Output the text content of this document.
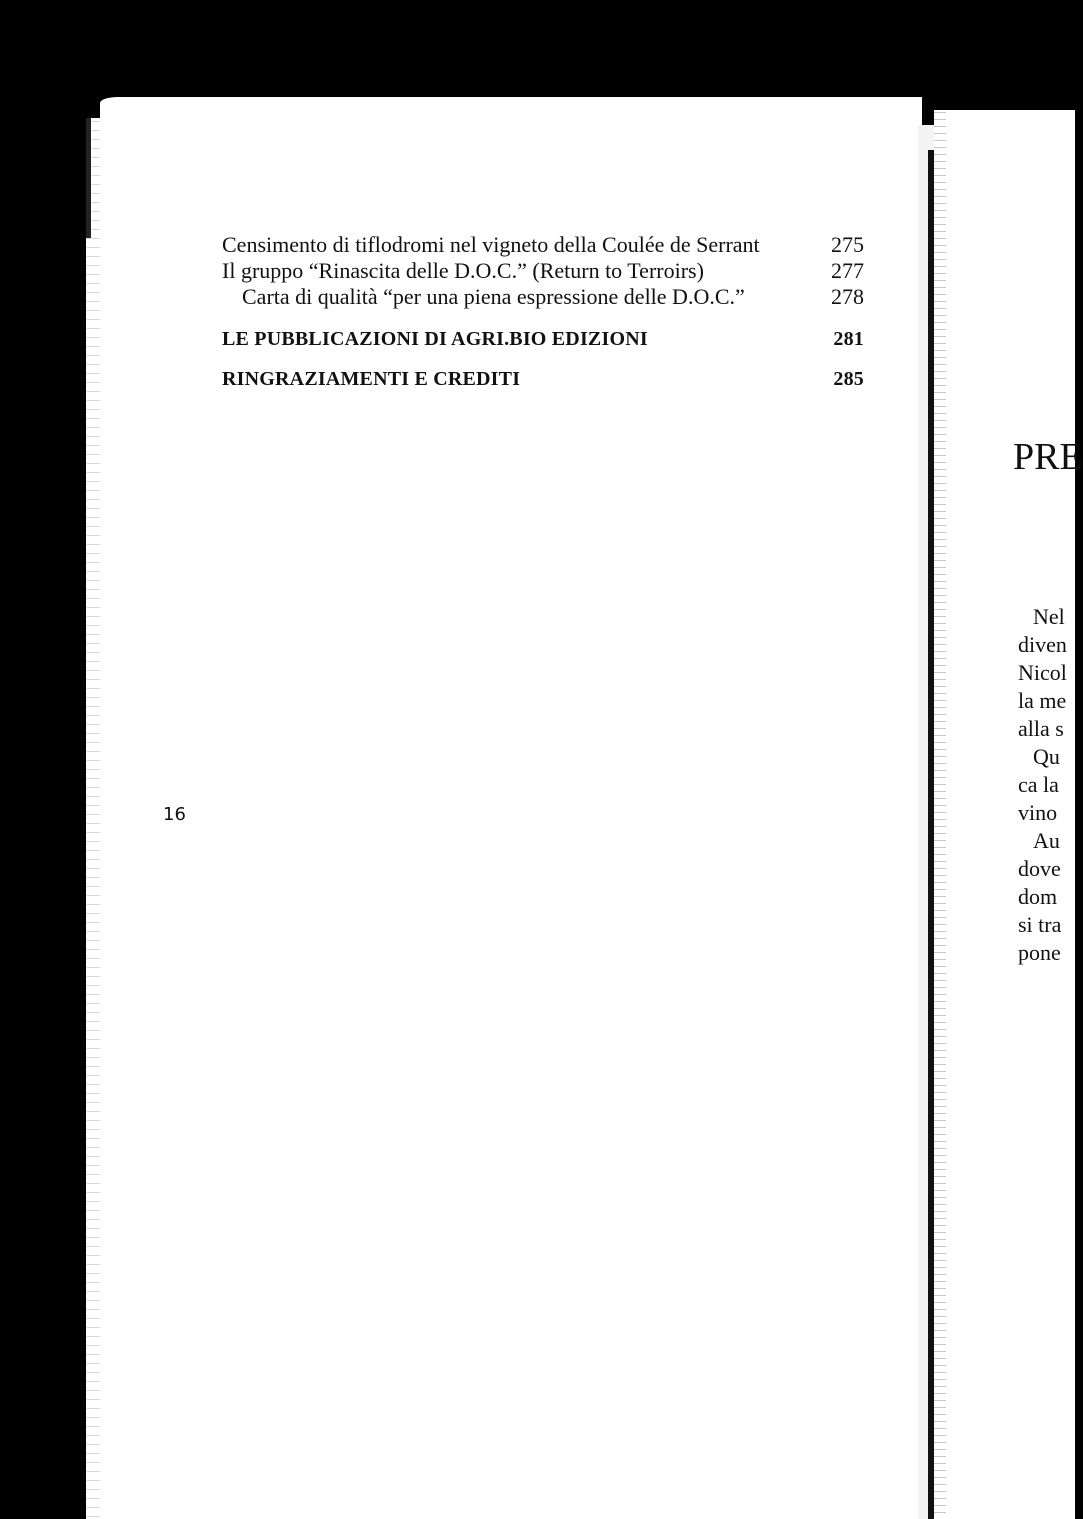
Censimento di tiflodromi nel vigneto della Coulée de Serrant	275
Il gruppo “Rinascita delle D.O.C.” (Return to Terroirs)	277
Carta di qualità “per una piena espressione delle D.O.C.”	278
LE PUBBLICAZIONI DI AGRI.BIO EDIZIONI	281
RINGRAZIAMENTI E CREDITI	285
16
PRE
Nel
diven
Nicol
la me
alla s
Qu
ca la
vino
Au
dove
dom
si tra
pone
